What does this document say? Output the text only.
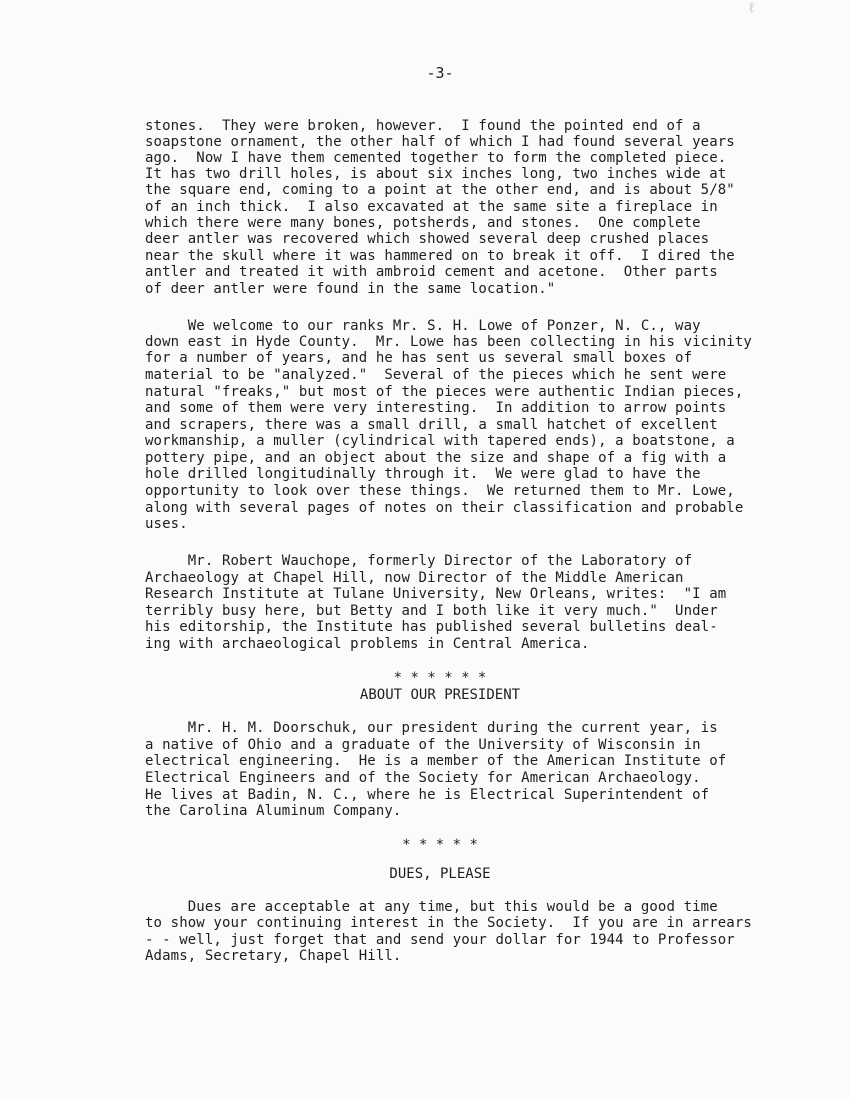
ℓ
-3-
stones.  They were broken, however.  I found the pointed end of a
soapstone ornament, the other half of which I had found several years
ago.  Now I have them cemented together to form the completed piece.
It has two drill holes, is about six inches long, two inches wide at
the square end, coming to a point at the other end, and is about 5/8"
of an inch thick.  I also excavated at the same site a fireplace in
which there were many bones, potsherds, and stones.  One complete
deer antler was recovered which showed several deep crushed places
near the skull where it was hammered on to break it off.  I dired the
antler and treated it with ambroid cement and acetone.  Other parts
of deer antler were found in the same location."
We welcome to our ranks Mr. S. H. Lowe of Ponzer, N. C., way
down east in Hyde County.  Mr. Lowe has been collecting in his vicinity
for a number of years, and he has sent us several small boxes of
material to be "analyzed."  Several of the pieces which he sent were
natural "freaks," but most of the pieces were authentic Indian pieces,
and some of them were very interesting.  In addition to arrow points
and scrapers, there was a small drill, a small hatchet of excellent
workmanship, a muller (cylindrical with tapered ends), a boatstone, a
pottery pipe, and an object about the size and shape of a fig with a
hole drilled longitudinally through it.  We were glad to have the
opportunity to look over these things.  We returned them to Mr. Lowe,
along with several pages of notes on their classification and probable
uses.
Mr. Robert Wauchope, formerly Director of the Laboratory of
Archaeology at Chapel Hill, now Director of the Middle American
Research Institute at Tulane University, New Orleans, writes:  "I am
terribly busy here, but Betty and I both like it very much."  Under
his editorship, the Institute has published several bulletins deal-
ing with archaeological problems in Central America.
* * * * * *
ABOUT OUR PRESIDENT
Mr. H. M. Doorschuk, our president during the current year, is
a native of Ohio and a graduate of the University of Wisconsin in
electrical engineering.  He is a member of the American Institute of
Electrical Engineers and of the Society for American Archaeology.
He lives at Badin, N. C., where he is Electrical Superintendent of
the Carolina Aluminum Company.
* * * * *
DUES, PLEASE
Dues are acceptable at any time, but this would be a good time
to show your continuing interest in the Society.  If you are in arrears
- - well, just forget that and send your dollar for 1944 to Professor
Adams, Secretary, Chapel Hill.
